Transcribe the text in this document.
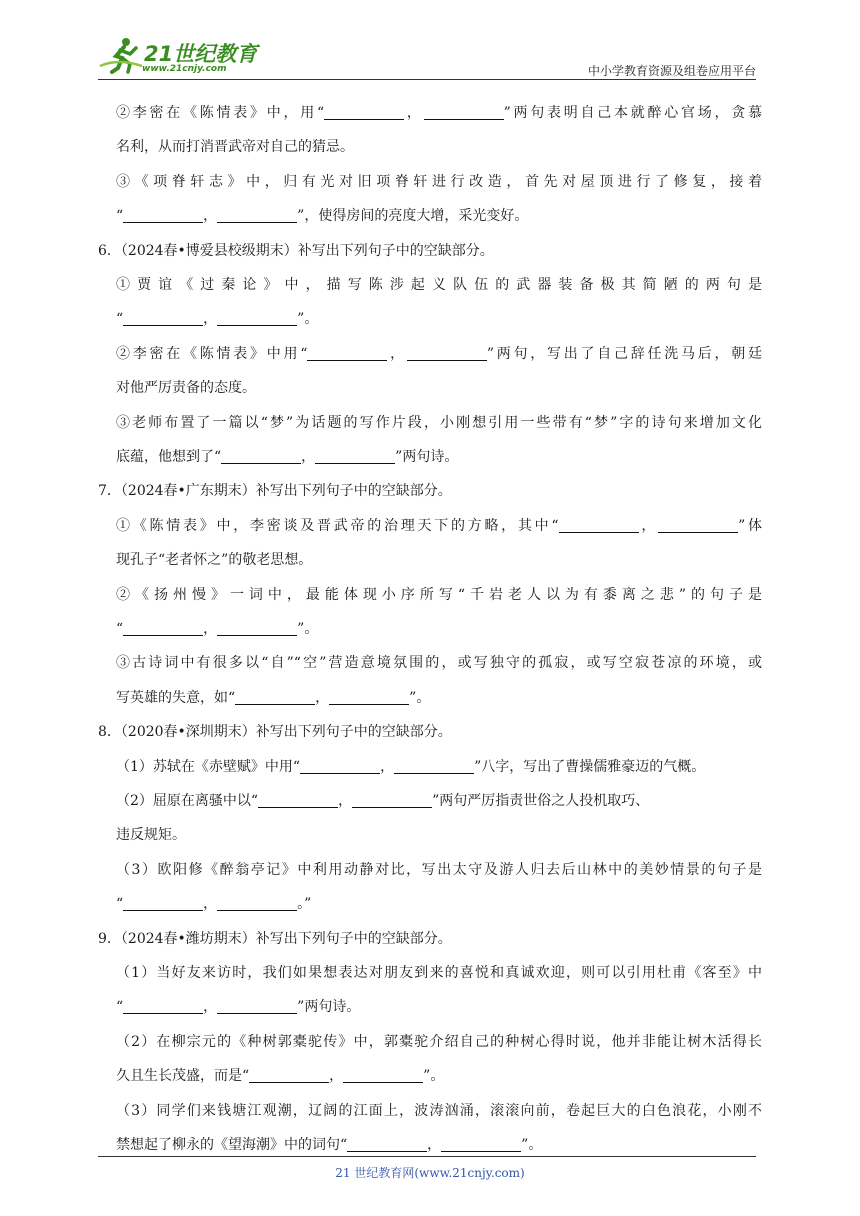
21世纪教育
www.21cnjy.com	中小学教育资源及组卷应用平台
②李密在《陈情表》中，用“	，	”两句表明自己本就醉心官场，贪慕
名利，从而打消晋武帝对自己的猜忌。
③《项脊轩志》中，归有光对旧项脊轩进行改造，首先对屋顶进行了修复，接着
“	，	”，使得房间的亮度大增，采光变好。
6．（2024春•博爱县校级期末）补写出下列句子中的空缺部分。
①贾谊《过秦论》中，描写陈涉起义队伍的武器装备极其简陋的两句是
“	，	”。
②李密在《陈情表》中用“	，	”两句，写出了自己辞任洗马后，朝廷
对他严厉责备的态度。
③老师布置了一篇以“梦”为话题的写作片段，小刚想引用一些带有“梦”字的诗句来增加文化
底蕴，他想到了“	，	”两句诗。
7．（2024春•广东期末）补写出下列句子中的空缺部分。
①《陈情表》中，李密谈及晋武帝的治理天下的方略，其中“	，	”体
现孔子“老者怀之”的敬老思想。
②《扬州慢》一词中，最能体现小序所写“千岩老人以为有黍离之悲”的句子是
“	，	”。
③古诗词中有很多以“自”“空”营造意境氛围的，或写独守的孤寂，或写空寂苍凉的环境，或
写英雄的失意，如“	，	”。
8．（2020春•深圳期末）补写出下列句子中的空缺部分。
（1）苏轼在《赤壁赋》中用“	，	”八字，写出了曹操儒雅豪迈的气概。
（2）屈原在离骚中以“	，	”两句严厉指责世俗之人投机取巧、
违反规矩。
（3）欧阳修《醉翁亭记》中利用动静对比，写出太守及游人归去后山林中的美妙情景的句子是
“	，	。”
9．（2024春•潍坊期末）补写出下列句子中的空缺部分。
（1）当好友来访时，我们如果想表达对朋友到来的喜悦和真诚欢迎，则可以引用杜甫《客至》中
“	，	”两句诗。
（2）在柳宗元的《种树郭橐驼传》中，郭橐驼介绍自己的种树心得时说，他并非能让树木活得长
久且生长茂盛，而是“	，	”。
（3）同学们来钱塘江观潮，辽阔的江面上，波涛汹涌，滚滚向前，卷起巨大的白色浪花，小刚不
禁想起了柳永的《望海潮》中的词句“	，	”。
21 世纪教育网(www.21cnjy.com)
